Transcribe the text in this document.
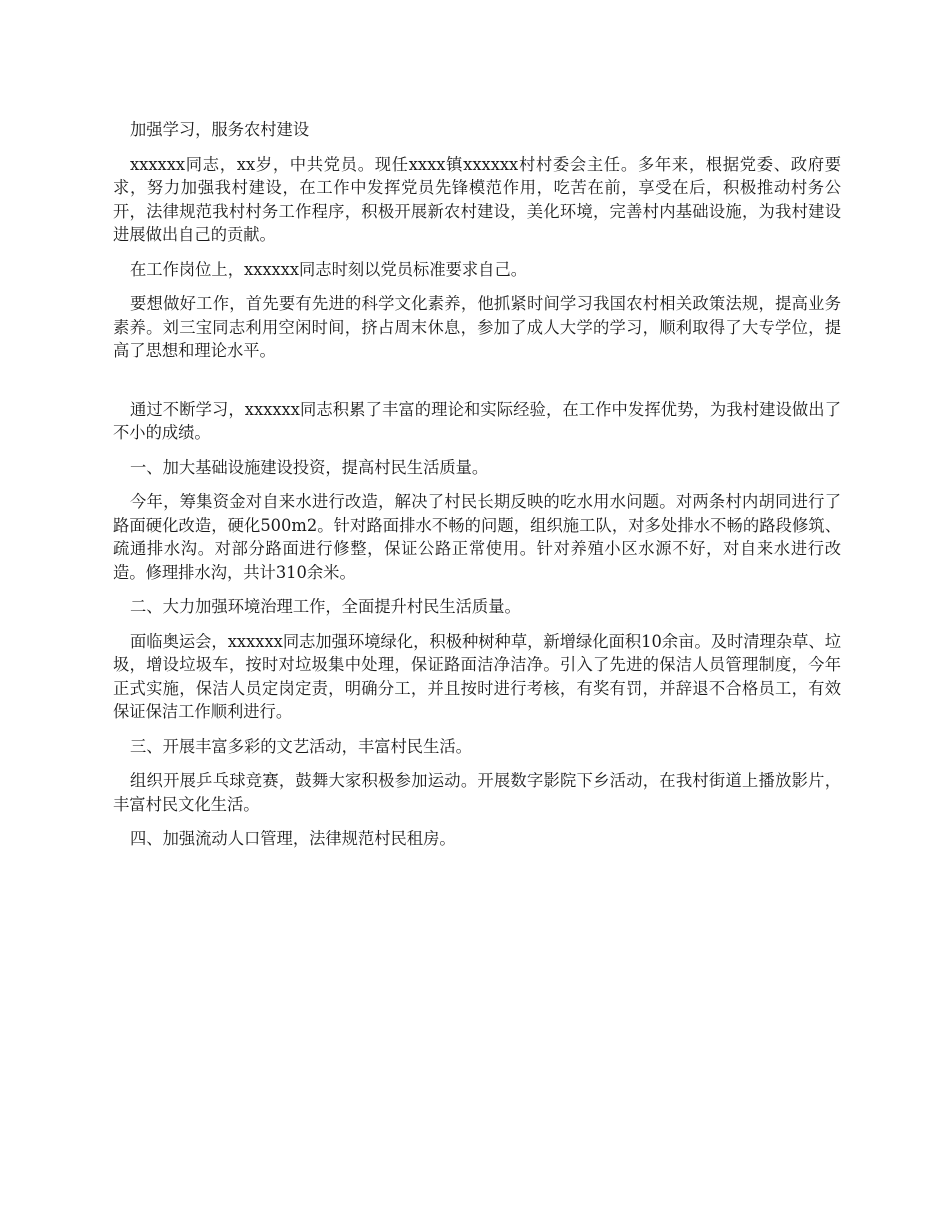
加强学习，服务农村建设

xxxxxx同志，xx岁，中共党员。现任xxxx镇xxxxxx村村委会主任。多年来，根据党委、政府要求，努力加强我村建设，在工作中发挥党员先锋模范作用，吃苦在前，享受在后，积极推动村务公开，法律规范我村村务工作程序，积极开展新农村建设，美化环境，完善村内基础设施，为我村建设进展做出自己的贡献。

在工作岗位上，xxxxxx同志时刻以党员标准要求自己。

要想做好工作，首先要有先进的科学文化素养，他抓紧时间学习我国农村相关政策法规，提高业务素养。刘三宝同志利用空闲时间，挤占周末休息，参加了成人大学的学习，顺利取得了大专学位，提高了思想和理论水平。

通过不断学习，xxxxxx同志积累了丰富的理论和实际经验，在工作中发挥优势，为我村建设做出了不小的成绩。

一、加大基础设施建设投资，提高村民生活质量。

今年，筹集资金对自来水进行改造，解决了村民长期反映的吃水用水问题。对两条村内胡同进行了路面硬化改造，硬化500m2。针对路面排水不畅的问题，组织施工队，对多处排水不畅的路段修筑、疏通排水沟。对部分路面进行修整，保证公路正常使用。针对养殖小区水源不好，对自来水进行改造。修理排水沟，共计310余米。

二、大力加强环境治理工作，全面提升村民生活质量。

面临奥运会，xxxxxx同志加强环境绿化，积极种树种草，新增绿化面积10余亩。及时清理杂草、垃圾，增设垃圾车，按时对垃圾集中处理，保证路面洁净洁净。引入了先进的保洁人员管理制度，今年正式实施，保洁人员定岗定责，明确分工，并且按时进行考核，有奖有罚，并辞退不合格员工，有效保证保洁工作顺利进行。

三、开展丰富多彩的文艺活动，丰富村民生活。

组织开展乒乓球竞赛，鼓舞大家积极参加运动。开展数字影院下乡活动，在我村街道上播放影片，丰富村民文化生活。

四、加强流动人口管理，法律规范村民租房。
